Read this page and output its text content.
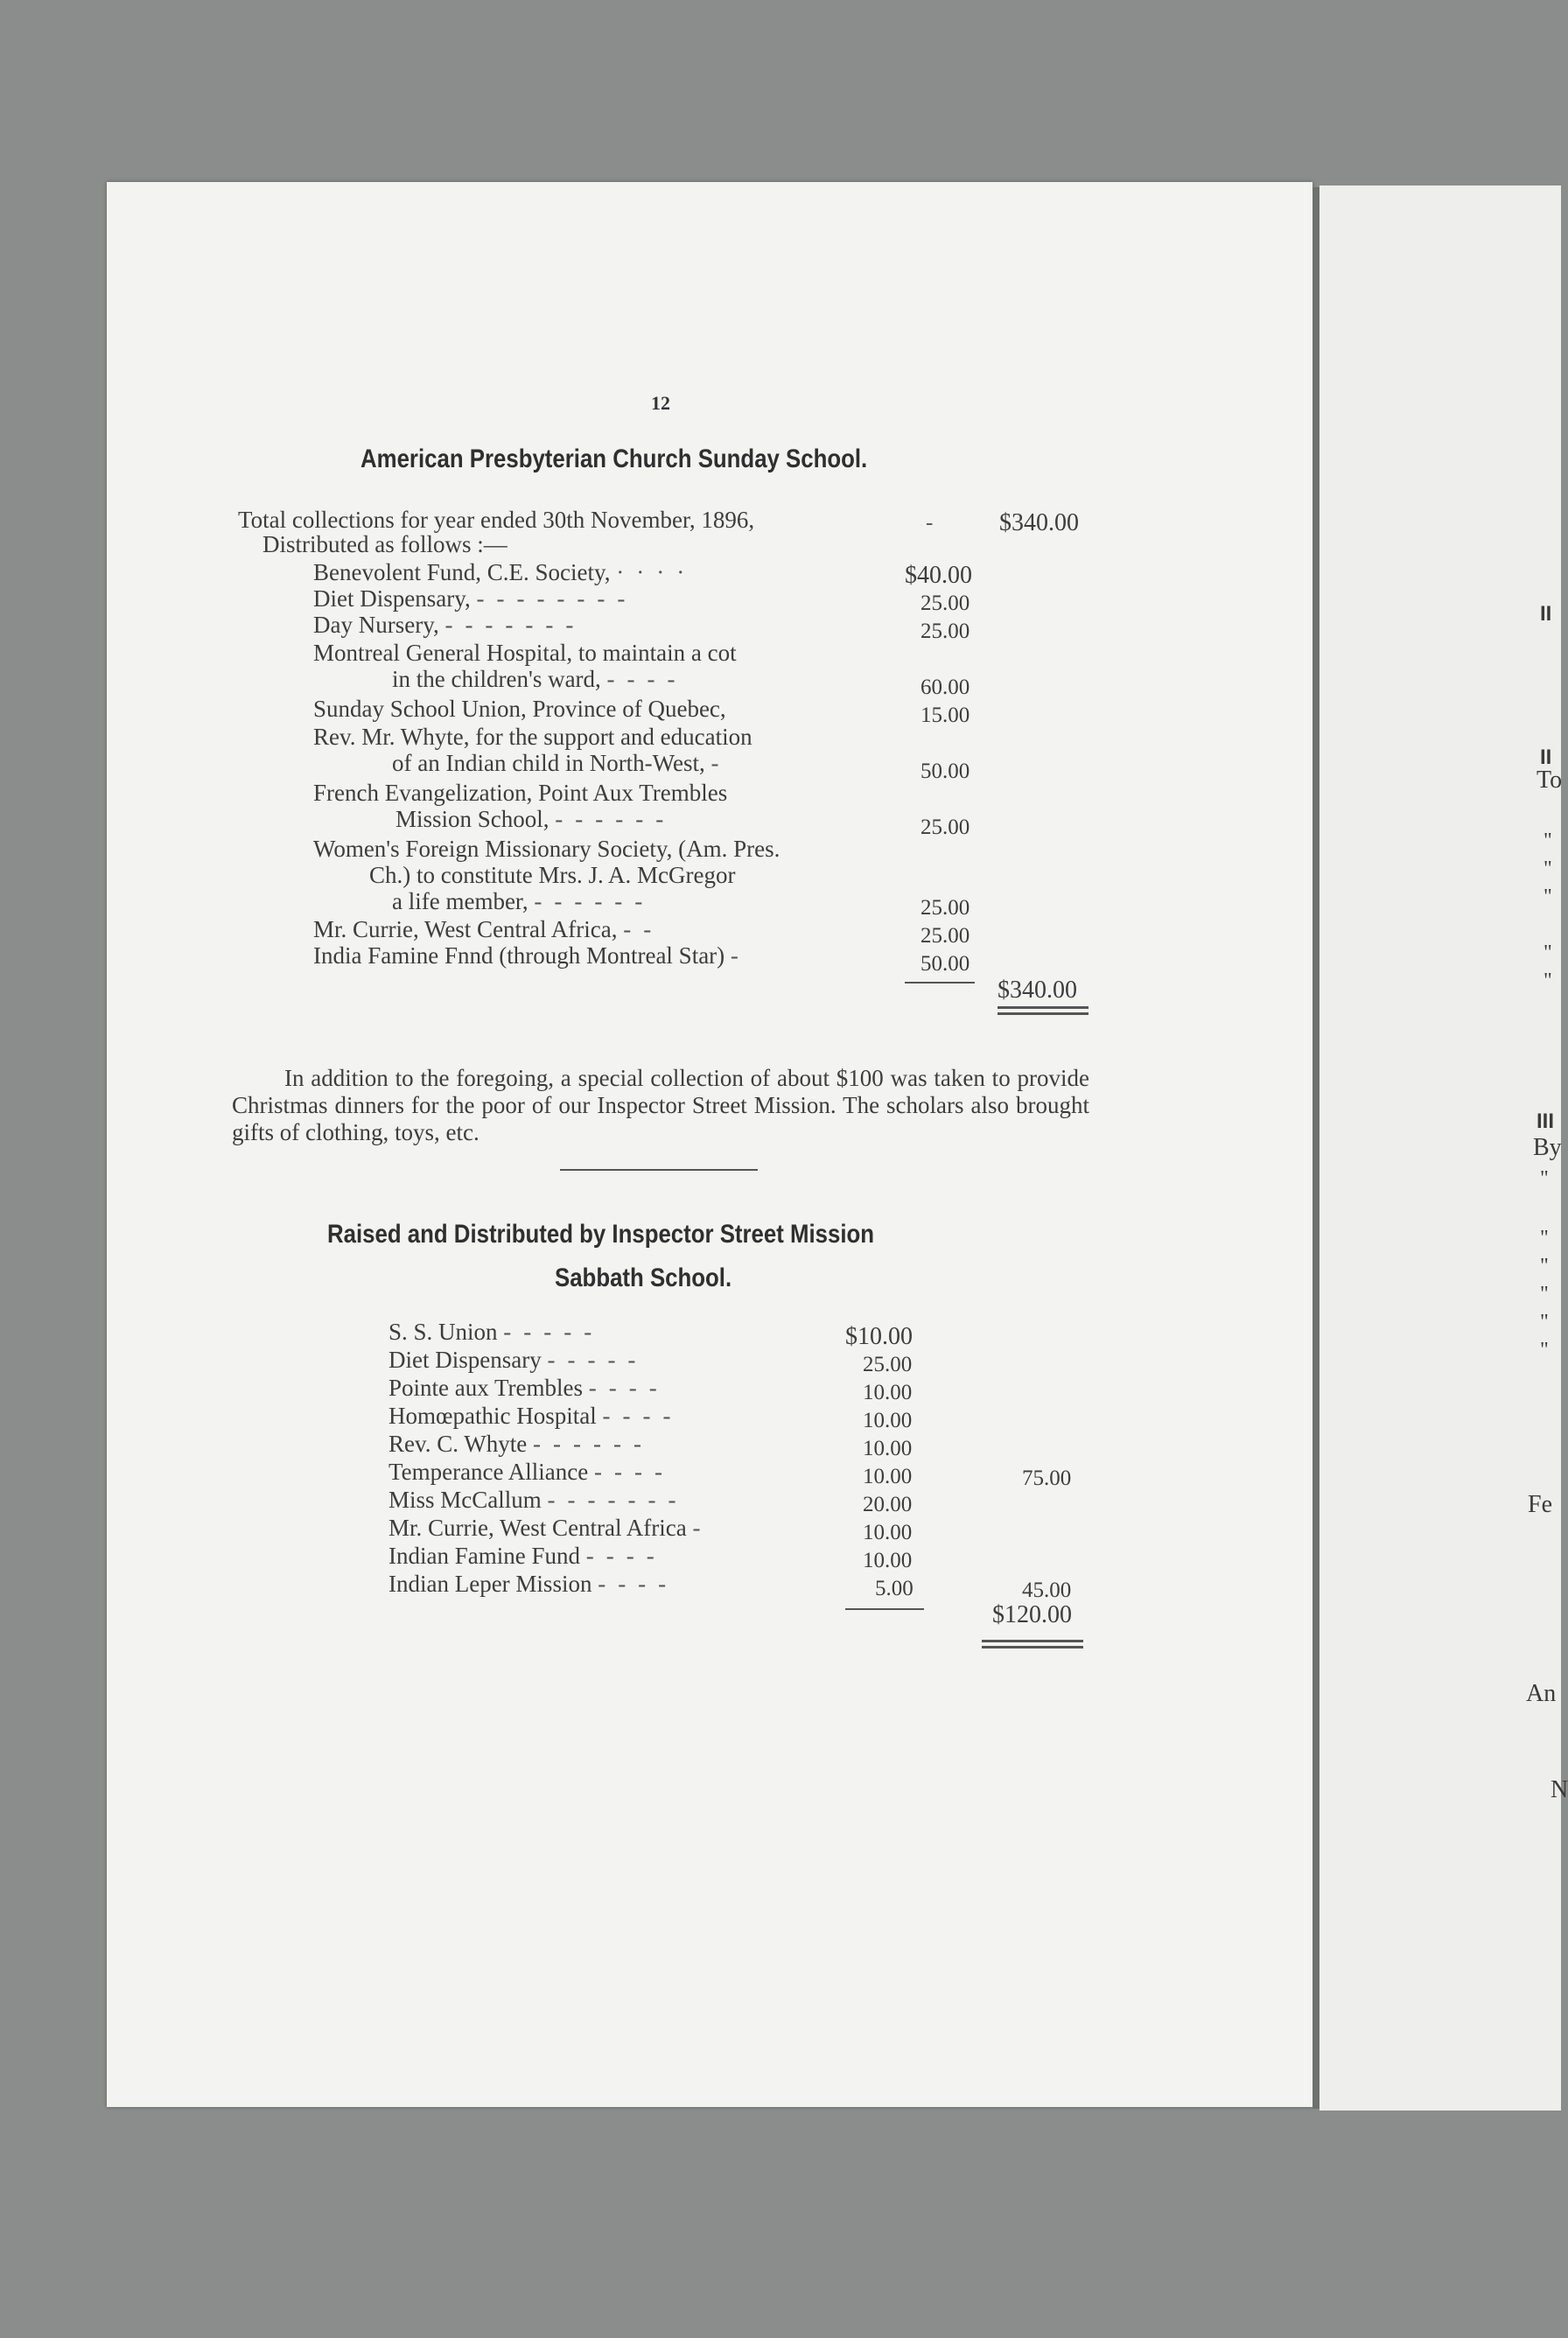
II
II
To
"
"
"
"
"
III
By
"
"
"
"
"
"
Fe
An
N
12
American Presbyterian Church Sunday School.
Total collections for year ended 30th November, 1896,	-	$340.00
Distributed as follows :—
Benevolent Fund, C.E. Society, ····	$40.00
Diet Dispensary, --------	25.00
Day Nursery, -------	25.00
Montreal General Hospital, to maintain a cot
in the children's ward, ----	60.00
Sunday School Union, Province of Quebec,	15.00
Rev. Mr. Whyte, for the support and education
of an Indian child in North-West, -	50.00
French Evangelization, Point Aux Trembles
Mission School, ------	25.00
Women's Foreign Missionary Society, (Am. Pres.
Ch.) to constitute Mrs. J. A. McGregor
a life member, ------	25.00
Mr. Currie, West Central Africa, --	25.00
India Famine Fnnd (through Montreal Star) -	50.00
$340.00

In addition to the foregoing, a special collection of about $100 was taken to provide Christmas dinners for the poor of our Inspector Street Mission. The scholars also brought gifts of clothing, toys, etc.

Raised and Distributed by Inspector Street Mission
Sabbath School.
S. S. Union -----	$10.00
Diet Dispensary -----	25.00
Pointe aux Trembles ----	10.00
Homœpathic Hospital ----	10.00
Rev. C. Whyte ------	10.00
Temperance Alliance ----	10.00	75.00
Miss McCallum -------	20.00
Mr. Currie, West Central Africa -	10.00
Indian Famine Fund ----	10.00
Indian Leper Mission ----	5.00	45.00
$120.00
